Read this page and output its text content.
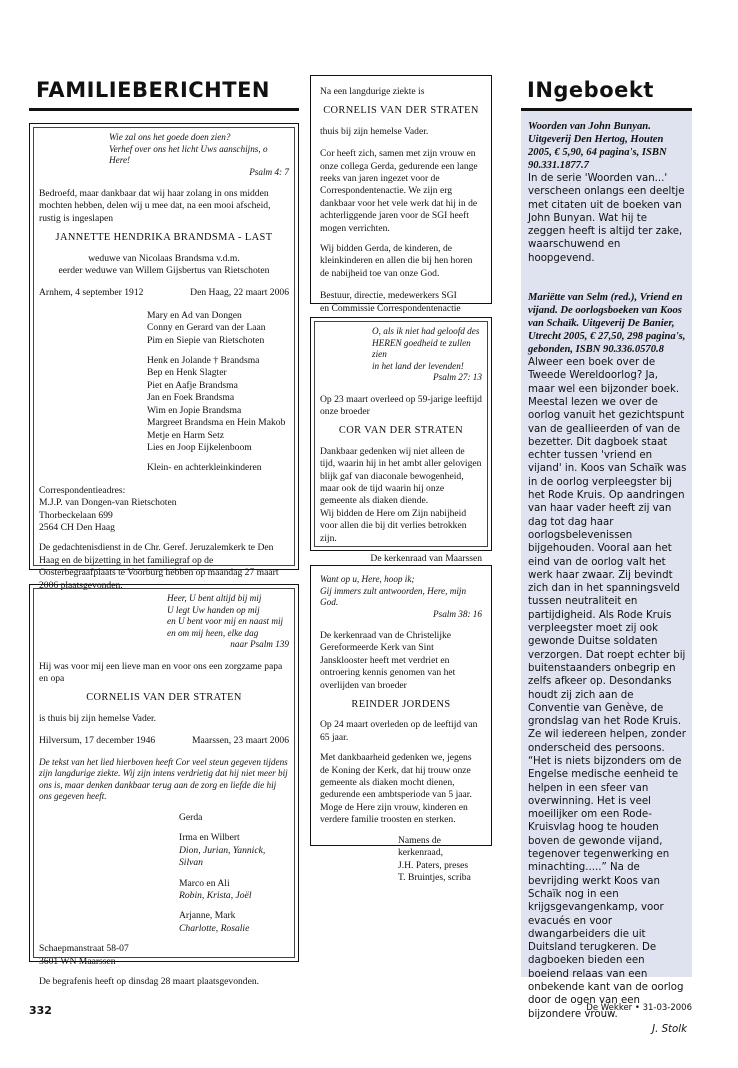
FAMILIEBERICHTEN
Wie zal ons het goede doen zien?
Verhef over ons het licht Uws aanschijns, o Here!
Psalm 4: 7

Bedroefd, maar dankbaar dat wij haar zolang in ons midden mochten hebben, delen wij u mee dat, na een mooi afscheid, rustig is ingeslapen

JANNETTE HENDRIKA BRANDSMA - LAST
weduwe van Nicolaas Brandsma v.d.m.
eerder weduwe van Willem Gijsbertus van Rietschoten
Arnhem, 4 september 1912	Den Haag, 22 maart 2006
Mary en Ad van Dongen
Conny en Gerard van der Laan
Pim en Siepie van Rietschoten
Henk en Jolande † Brandsma
Bep en Henk Slagter
Piet en Aafje Brandsma
Jan en Foek Brandsma
Wim en Jopie Brandsma
Margreet Brandsma en Hein Makob
Metje en Harm Setz
Lies en Joop Eijkelenboom
Klein- en achterkleinkinderen
Correspondentieadres:
M.J.P. van Dongen-van Rietschoten
Thorbeckelaan 699
2564 CH Den Haag

De gedachtenisdienst in de Chr. Geref. Jeruzalemkerk te Den Haag en de bijzetting in het familiegraf op de Oosterbegraafplaats te Voorburg hebben op maandag 27 maart 2006 plaatsgevonden.

Heer, U bent altijd bij mij
U legt Uw handen op mij
en U bent voor mij en naast mij
en om mij heen, elke dag
naar Psalm 139

Hij was voor mij een lieve man en voor ons een zorgzame papa en opa

CORNELIS VAN DER STRATEN

is thuis bij zijn hemelse Vader.

Hilversum, 17 december 1946	Maarssen, 23 maart 2006

De tekst van het lied hierboven heeft Cor veel steun gegeven tijdens zijn langdurige ziekte. Wij zijn intens verdrietig dat hij niet meer bij ons is, maar denken dankbaar terug aan de zorg en liefde die hij ons gegeven heeft.

Gerda
Irma en Wilbert
Dion, Jurian, Yannick, Silvan
Marco en Ali
Robin, Krista, Joël
Arjanne, Mark
Charlotte, Rosalie
Schaepmanstraat 58-07
3601 WN Maarssen

De begrafenis heeft op dinsdag 28 maart plaatsgevonden.

Na een langdurige ziekte is

CORNELIS VAN DER STRATEN

thuis bij zijn hemelse Vader.

Cor heeft zich, samen met zijn vrouw en onze collega Gerda, gedurende een lange reeks van jaren ingezet voor de Correspondentenactie. We zijn erg dankbaar voor het vele werk dat hij in de achterliggende jaren voor de SGI heeft mogen verrichten.

Wij bidden Gerda, de kinderen, de kleinkinderen en allen die bij hen horen de nabijheid toe van onze God.

Bestuur, directie, medewerkers SGI
en Commissie Correspondentenactie
O, als ik niet had geloofd des
HEREN goedheid te zullen zien
in het land der levenden!
Psalm 27: 13

Op 23 maart overleed op 59-jarige leeftijd onze broeder

COR VAN DER STRATEN

Dankbaar gedenken wij niet alleen de tijd, waarin hij in het ambt aller gelovigen blijk gaf van diaconale bewogenheid, maar ook de tijd waarin hij onze gemeente als diaken diende.

Wij bidden de Here om Zijn nabijheid voor allen die bij dit verlies betrokken zijn.

De kerkenraad van Maarssen
Want op u, Here, hoop ik;
Gij immers zult antwoorden, Here, mijn God.
Psalm 38: 16

De kerkenraad van de Christelijke Gereformeerde Kerk van Sint Jansklooster heeft met verdriet en ontroering kennis genomen van het overlijden van broeder

REINDER JORDENS

Op 24 maart overleden op de leeftijd van 65 jaar.

Met dankbaarheid gedenken we, jegens de Koning der Kerk, dat hij trouw onze gemeente als diaken mocht dienen, gedurende een ambtsperiode van 5 jaar.

Moge de Here zijn vrouw, kinderen en verdere familie troosten en sterken.

Namens de kerkenraad,
J.H. Paters, preses
T. Bruintjes, scriba
INgeboekt
Woorden van John Bunyan. Uitgeverij Den Hertog, Houten 2005, € 5,90, 64 pagina's, ISBN 90.331.1877.7

In de serie 'Woorden van...' verscheen onlangs een deeltje met citaten uit de boeken van John Bunyan. Wat hij te zeggen heeft is altijd ter zake, waarschuwend en hoopgevend.

Mariëtte van Selm (red.), Vriend en vijand. De oorlogsboeken van Koos van Schaïk. Uitgeverij De Banier, Utrecht 2005, € 27,50, 298 pagina's, gebonden, ISBN 90.336.0570.8

Alweer een boek over de Tweede Wereldoorlog? Ja, maar wel een bijzonder boek. Meestal lezen we over de oorlog vanuit het gezichtspunt van de geallieerden of van de bezetter. Dit dagboek staat echter tussen 'vriend en vijand' in. Koos van Schaïk was in de oorlog verpleegster bij het Rode Kruis. Op aandringen van haar vader heeft zij van dag tot dag haar oorlogsbelevenissen bijgehouden. Vooral aan het eind van de oorlog valt het werk haar zwaar. Zij bevindt zich dan in het spanningsveld tussen neutraliteit en partijdigheid. Als Rode Kruis verpleegster moet zij ook gewonde Duitse soldaten verzorgen. Dat roept echter bij buitenstaanders onbegrip en zelfs afkeer op. Desondanks houdt zij zich aan de Conventie van Genève, de grondslag van het Rode Kruis. Ze wil iedereen helpen, zonder onderscheid des persoons. “Het is niets bijzonders om de Engelse medische eenheid te helpen in een sfeer van overwinning. Het is veel moeilijker om een Rode-Kruisvlag hoog te houden boven de gewonde vijand, tegenover tegenwerking en minachting.....” Na de bevrijding werkt Koos van Schaïk nog in een krijgsgevangenkamp, voor evacués en voor dwangarbeiders die uit Duitsland terugkeren. De dagboeken bieden een boeiend relaas van een onbekende kant van de oorlog door de ogen van een bijzondere vrouw.

J. Stolk
332	De Wekker • 31-03-2006
